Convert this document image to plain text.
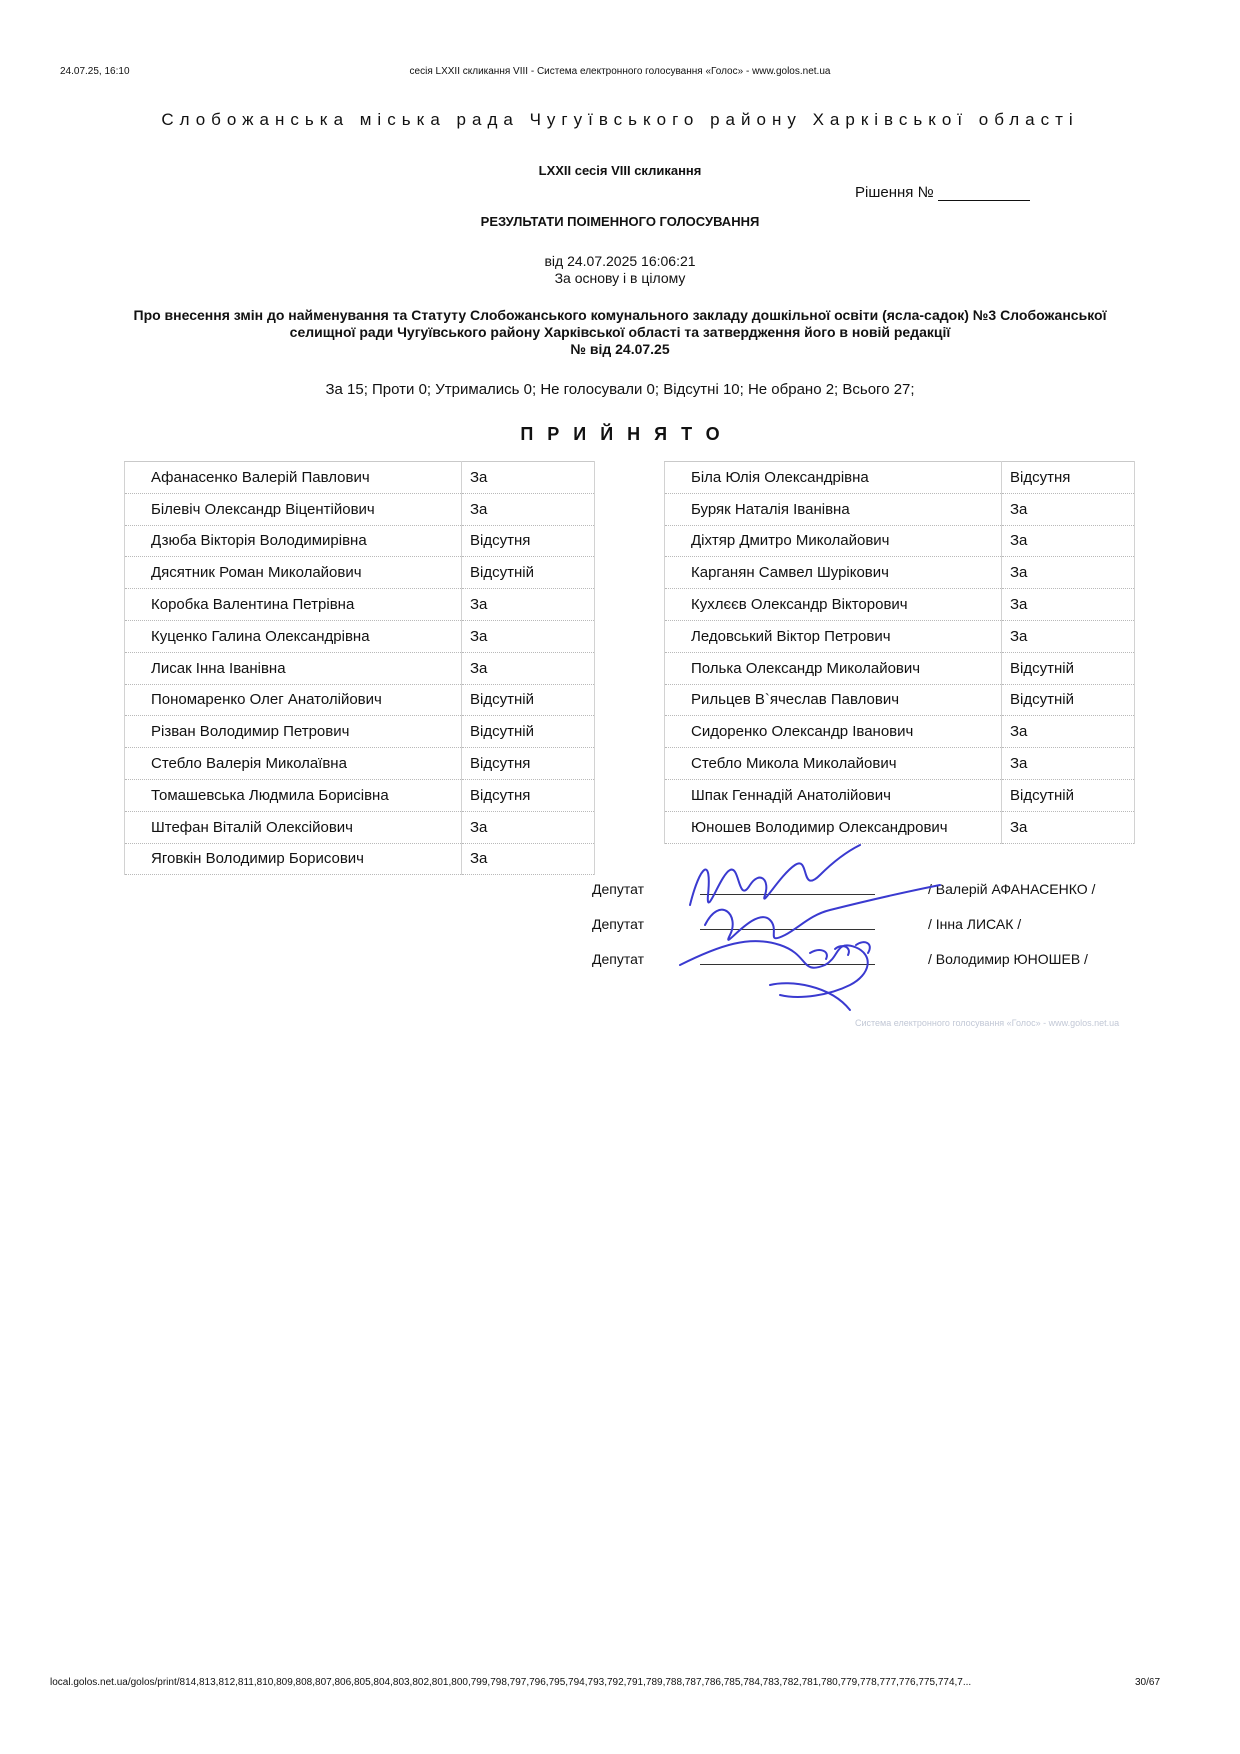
24.07.25, 16:10	сесія LXXII скликання VIII - Система електронного голосування «Голос» - www.golos.net.ua
Слобожанська міська рада Чугуївського району Харківської області
LXXII сесія VIII скликання
Рішення №
РЕЗУЛЬТАТИ ПОІМЕННОГО ГОЛОСУВАННЯ
від 24.07.2025 16:06:21
За основу і в цілому
Про внесення змін до найменування та Статуту Слобожанського комунального закладу дошкільної освіти (ясла-садок) №3 Слобожанської селищної ради Чугуївського району Харківської області та затвердження його в новій редакції
№ від 24.07.25
За 15; Проти 0; Утримались 0; Не голосували 0; Відсутні 10; Не обрано 2; Всього 27;
ПРИЙНЯТО
Афанасенко Валерій Павлович	За
Білевіч Олександр Віцентійович	За
Дзюба Вікторія Володимирівна	Відсутня
Дясятник Роман Миколайович	Відсутній
Коробка Валентина Петрівна	За
Куценко Галина Олександрівна	За
Лисак Інна Іванівна	За
Пономаренко Олег Анатолійович	Відсутній
Різван Володимир Петрович	Відсутній
Стебло Валерія Миколаївна	Відсутня
Томашевська Людмила Борисівна	Відсутня
Штефан Віталій Олексійович	За
Яговкін Володимир Борисович	За
Біла Юлія Олександрівна	Відсутня
Буряк Наталія Іванівна	За
Діхтяр Дмитро Миколайович	За
Карганян Самвел Шурікович	За
Кухлєєв Олександр Вікторович	За
Ледовський Віктор Петрович	За
Полька Олександр Миколайович	Відсутній
Рильцев В`ячеслав Павлович	Відсутній
Сидоренко Олександр Іванович	За
Стебло Микола Миколайович	За
Шпак Геннадій Анатолійович	Відсутній
Юношев Володимир Олександрович	За
Депутат	/ Валерій АФАНАСЕНКО /
Депутат	/ Інна ЛИСАК /
Депутат	/ Володимир ЮНОШЕВ /
Система електронного голосування «Голос» - www.golos.net.ua
local.golos.net.ua/golos/print/814,813,812,811,810,809,808,807,806,805,804,803,802,801,800,799,798,797,796,795,794,793,792,791,789,788,787,786,785,784,783,782,781,780,779,778,777,776,775,774,7...	30/67
